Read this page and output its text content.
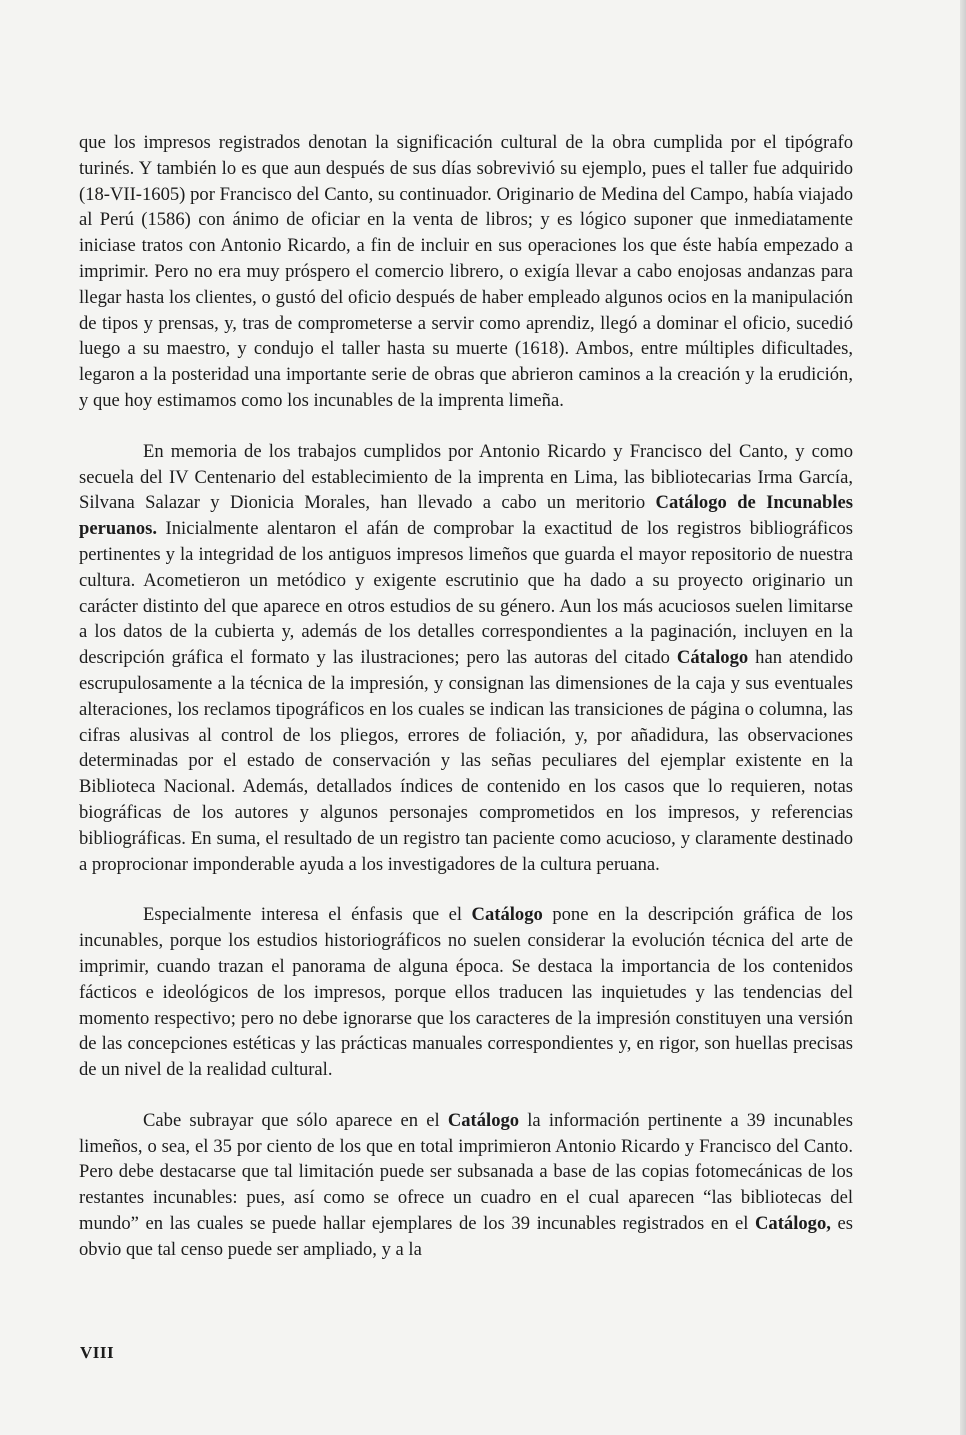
que los impresos registrados denotan la significación cultural de la obra cumplida por el tipógrafo turinés. Y también lo es que aun después de sus días sobrevivió su ejemplo, pues el taller fue adquirido (18-VII-1605) por Francisco del Canto, su continuador. Originario de Medina del Campo, había viajado al Perú (1586) con ánimo de oficiar en la venta de libros; y es lógico suponer que inmediatamente iniciase tratos con Antonio Ricardo, a fin de incluir en sus operaciones los que éste había empezado a imprimir. Pero no era muy próspero el comercio librero, o exigía llevar a cabo enojosas andanzas para llegar hasta los clientes, o gustó del oficio después de haber empleado algunos ocios en la manipulación de tipos y prensas, y, tras de comprometerse a servir como aprendiz, llegó a dominar el oficio, sucedió luego a su maestro, y condujo el taller hasta su muerte (1618). Ambos, entre múltiples dificultades, legaron a la posteridad una importante serie de obras que abrieron caminos a la creación y la erudición, y que hoy estimamos como los incunables de la imprenta limeña.

En memoria de los trabajos cumplidos por Antonio Ricardo y Francisco del Canto, y como secuela del IV Centenario del establecimiento de la imprenta en Lima, las bibliotecarias Irma García, Silvana Salazar y Dionicia Morales, han llevado a cabo un meritorio Catálogo de Incunables peruanos. Inicialmente alentaron el afán de comprobar la exactitud de los registros bibliográficos pertinentes y la integridad de los antiguos impresos limeños que guarda el mayor repositorio de nuestra cultura. Acometieron un metódico y exigente escrutinio que ha dado a su proyecto originario un carácter distinto del que aparece en otros estudios de su género. Aun los más acuciosos suelen limitarse a los datos de la cubierta y, además de los detalles correspondientes a la paginación, incluyen en la descripción gráfica el formato y las ilustraciones; pero las autoras del citado Cátalogo han atendido escrupulosamente a la técnica de la impresión, y consignan las dimensiones de la caja y sus eventuales alteraciones, los reclamos tipográficos en los cuales se indican las transiciones de página o columna, las cifras alusivas al control de los pliegos, errores de foliación, y, por añadidura, las observaciones determinadas por el estado de conservación y las señas peculiares del ejemplar existente en la Biblioteca Nacional. Además, detallados índices de contenido en los casos que lo requieren, notas biográficas de los autores y algunos personajes comprometidos en los impresos, y referencias bibliográficas. En suma, el resultado de un registro tan paciente como acucioso, y claramente destinado a proprocionar imponderable ayuda a los investigadores de la cultura peruana.

Especialmente interesa el énfasis que el Catálogo pone en la descripción gráfica de los incunables, porque los estudios historiográficos no suelen considerar la evolución técnica del arte de imprimir, cuando trazan el panorama de alguna época. Se destaca la importancia de los contenidos fácticos e ideológicos de los impresos, porque ellos traducen las inquietudes y las tendencias del momento respectivo; pero no debe ignorarse que los caracteres de la impresión constituyen una versión de las concepciones estéticas y las prácticas manuales correspondientes y, en rigor, son huellas precisas de un nivel de la realidad cultural.

Cabe subrayar que sólo aparece en el Catálogo la información pertinente a 39 incunables limeños, o sea, el 35 por ciento de los que en total imprimieron Antonio Ricardo y Francisco del Canto. Pero debe destacarse que tal limitación puede ser subsanada a base de las copias fotomecánicas de los restantes incunables: pues, así como se ofrece un cuadro en el cual aparecen “las bibliotecas del mundo” en las cuales se puede hallar ejemplares de los 39 incunables registrados en el Catálogo, es obvio que tal censo puede ser ampliado, y a la

VIII
